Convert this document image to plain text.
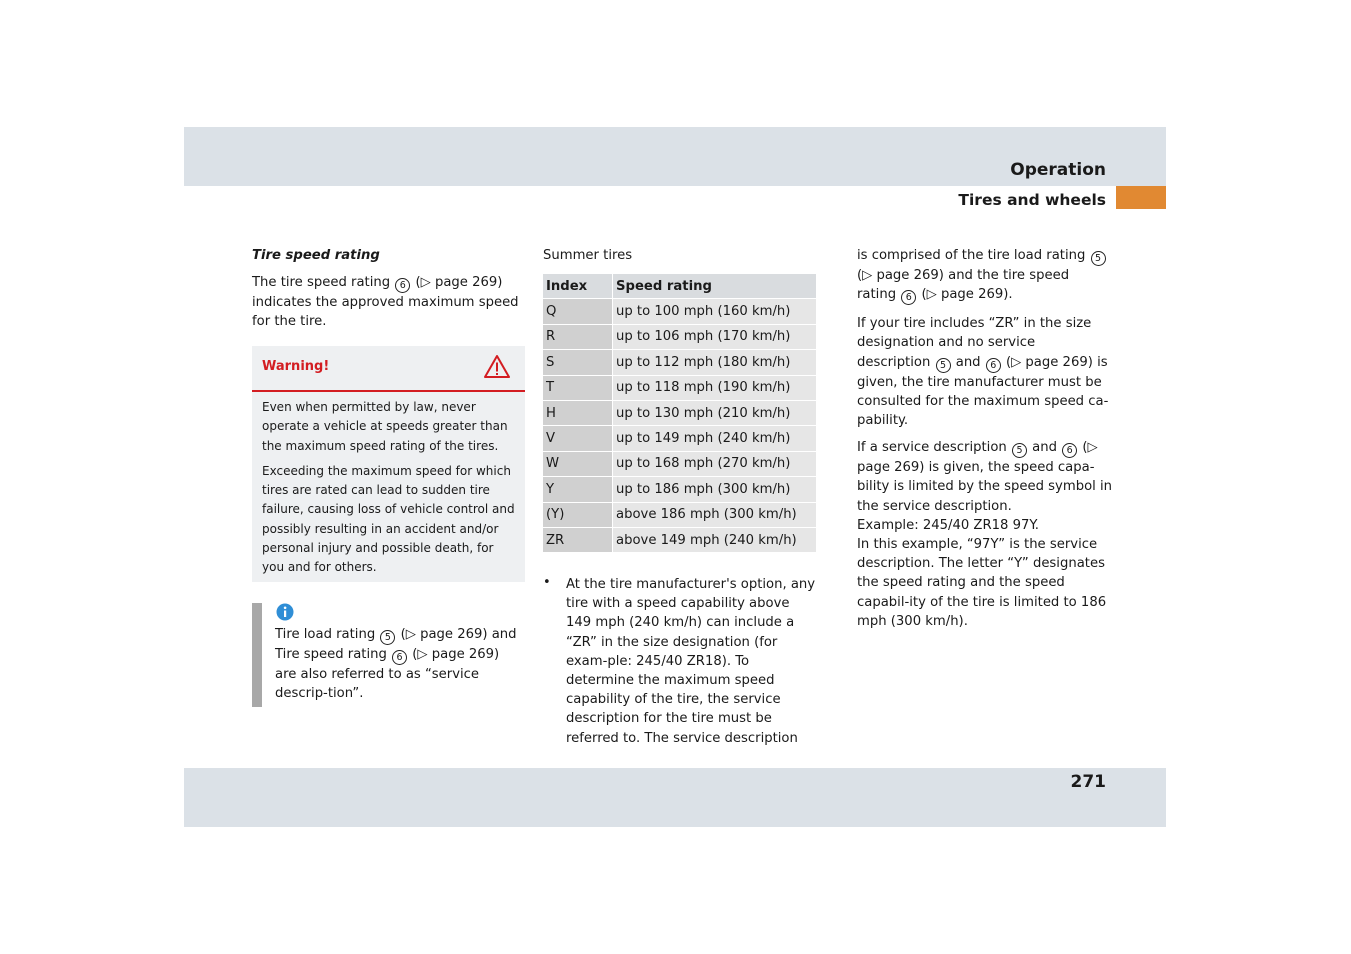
Operation
Tires and wheels

Tire speed rating

The tire speed rating 6 (▷ page 269) indicates the approved maximum speed for the tire.

Warning!

Even when permitted by law, never operate a vehicle at speeds greater than the maximum speed rating of the tires.

Exceeding the maximum speed for which tires are rated can lead to sudden tire failure, causing loss of vehicle control and possibly resulting in an accident and/or personal injury and possible death, for you and for others.

Tire load rating 5 (▷ page 269) and Tire speed rating 6 (▷ page 269) are also referred to as “service descrip-tion”.

Summer tires

Index	Speed rating
Q	up to 100 mph (160 km/h)
R	up to 106 mph (170 km/h)
S	up to 112 mph (180 km/h)
T	up to 118 mph (190 km/h)
H	up to 130 mph (210 km/h)
V	up to 149 mph (240 km/h)
W	up to 168 mph (270 km/h)
Y	up to 186 mph (300 km/h)
(Y)	above 186 mph (300 km/h)
ZR	above 149 mph (240 km/h)
• At the tire manufacturer's option, any tire with a speed capability above 149 mph (240 km/h) can include a “ZR” in the size designation (for exam-ple: 245/40 ZR18). To determine the maximum speed capability of the tire, the service description for the tire must be referred to. The service description

is comprised of the tire load rating 5 (▷ page 269) and the tire speed rating 6 (▷ page 269).

If your tire includes “ZR” in the size designation and no service description 5 and 6 (▷ page 269) is given, the tire manufacturer must be consulted for the maximum speed ca-pability.

If a service description 5 and 6 (▷ page 269) is given, the speed capa-bility is limited by the speed symbol in the service description.

Example: 245/40 ZR18 97Y.

In this example, “97Y” is the service description. The letter “Y” designates the speed rating and the speed capabil-ity of the tire is limited to 186 mph (300 km/h).

271
